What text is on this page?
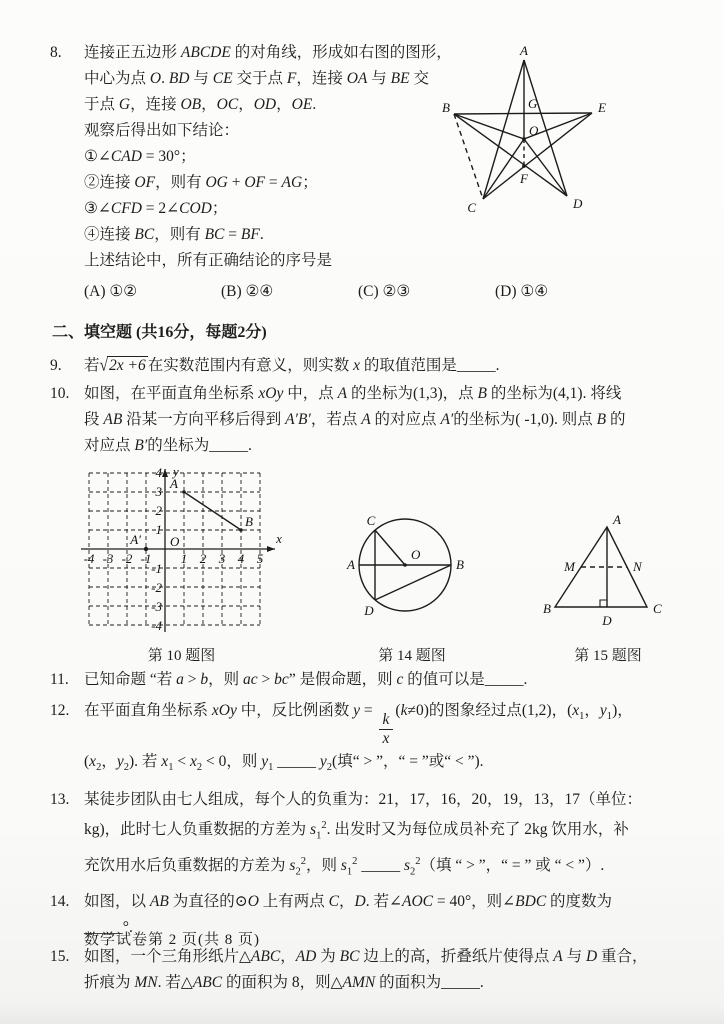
8.	连接正五边形 ABCDE 的对角线，形成如右图的图形，
中心为点 O. BD 与 CE 交于点 F，连接 OA 与 BE 交
于点 G，连接 OB，OC，OD，OE.
观察后得出如下结论：
①∠CAD = 30°；
②连接 OF，则有 OG + OF = AG；
③∠CFD = 2∠COD；
④连接 BC，则有 BC = BF.
上述结论中，所有正确结论的序号是
A
B	E
C	D
G
O
F
(A) ①②	(B) ②④	(C) ②③	(D) ①④
二、填空题 (共16分，每题2分)
9.	若√2x +6 在实数范围内有意义，则实数 x 的取值范围是_____.
10. 如图，在平面直角坐标系 xOy 中，点 A 的坐标为(1,3)，点 B 的坐标为(4,1). 将线
段 AB 沿某一方向平移后得到 A′B′，若点 A 的对应点 A′的坐标为( -1,0). 则点 B 的
对应点 B′的坐标为_____.
-4 -3 -2 -1 1 2 3 4 5
4
3
2
1
-1
-2
-3
-4
O	x
y
A
B
A′
第 10 题图
C
A
O
B
D
第 14 题图
A
B	C
D
M	N
第 15 题图
11. 已知命题 “若 a > b，则 ac > bc” 是假命题，则 c 的值可以是_____.
12. 在平面直角坐标系 xOy 中，反比例函数 y =
$\frac{k}{x}$
(k≠0)的图象经过点(1,2)，($x_1$，$y_1$)，
($x_2$，$y_2$). 若 $x_1 < x_2 < 0$，则 $y_1$ _____ $y_2$(填“ > ”，“ = ”或“ < ”).
13. 某徒步团队由七人组成，每个人的负重为：21，17，16，20，19，13，17（单位：
kg)，此时七人负重数据的方差为 $s_1^2$. 出发时又为每位成员补充了 2kg 饮用水，补
充饮用水后负重数据的方差为 $s_2^2$，则 $s_1^2$ _____ $s_2^2$（填 “ > ”，“ = ” 或 “ < ”）.
14. 如图，以 AB 为直径的⊙O 上有两点 C，D. 若∠AOC = 40°，则∠BDC 的度数为
_____°.
15. 如图，一个三角形纸片△ABC，AD 为 BC 边上的高，折叠纸片使得点 A 与 D 重合，
折痕为 MN. 若△ABC 的面积为 8，则△AMN 的面积为_____.
数学试卷第 2 页(共 8 页)
